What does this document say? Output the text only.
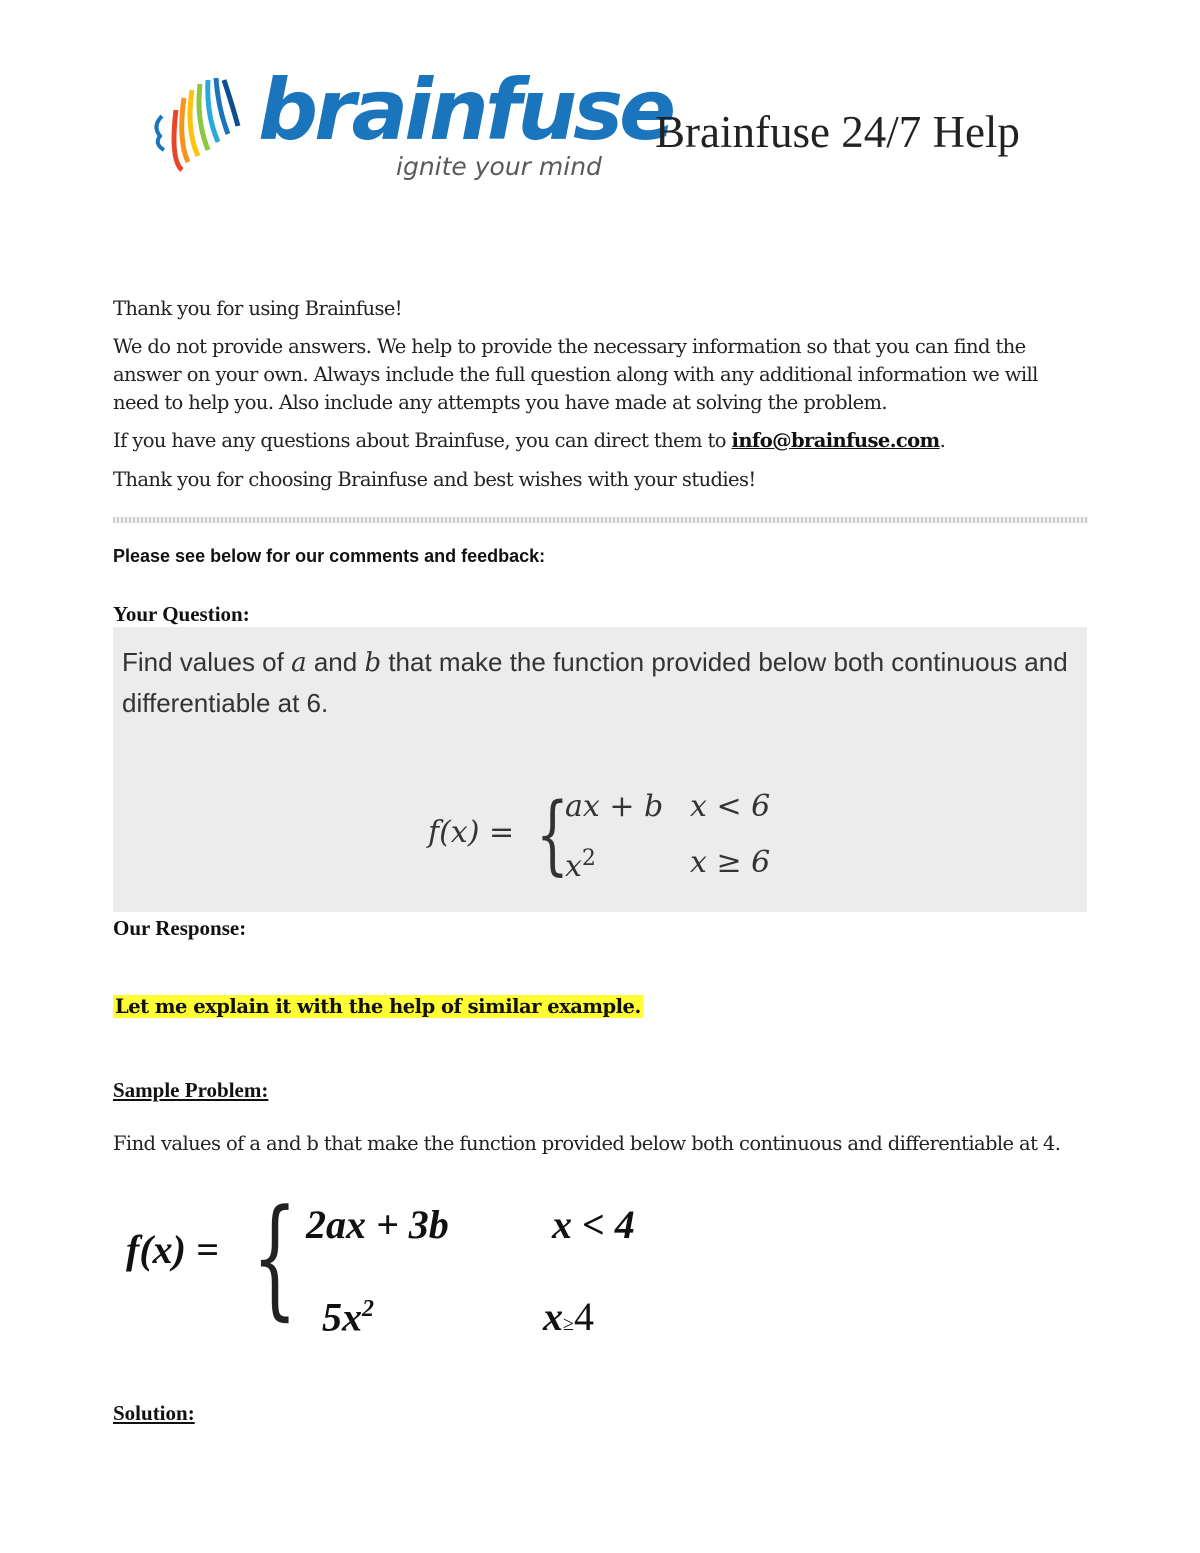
brainfuse
ignite your mind
Brainfuse 24/7 Help
Thank you for using Brainfuse!
We do not provide answers. We help to provide the necessary information so that you can find the answer on your own. Always include the full question along with any additional information we will need to help you. Also include any attempts you have made at solving the problem.
If you have any questions about Brainfuse, you can direct them to info@brainfuse.com.
Thank you for choosing Brainfuse and best wishes with your studies!
Please see below for our comments and feedback:
Your Question:
Find values of a and b that make the function provided below both continuous and differentiable at 6.
f(x) = {
ax + b x < 6
$x^2$	x ≥ 6
Our Response:
Let me explain it with the help of similar example.
Sample Problem:
Find values of a and b that make the function provided below both continuous and differentiable at 4.
f(x) = { 2ax + 3b	x < 4
$5x^2$	x≥4
Solution:
